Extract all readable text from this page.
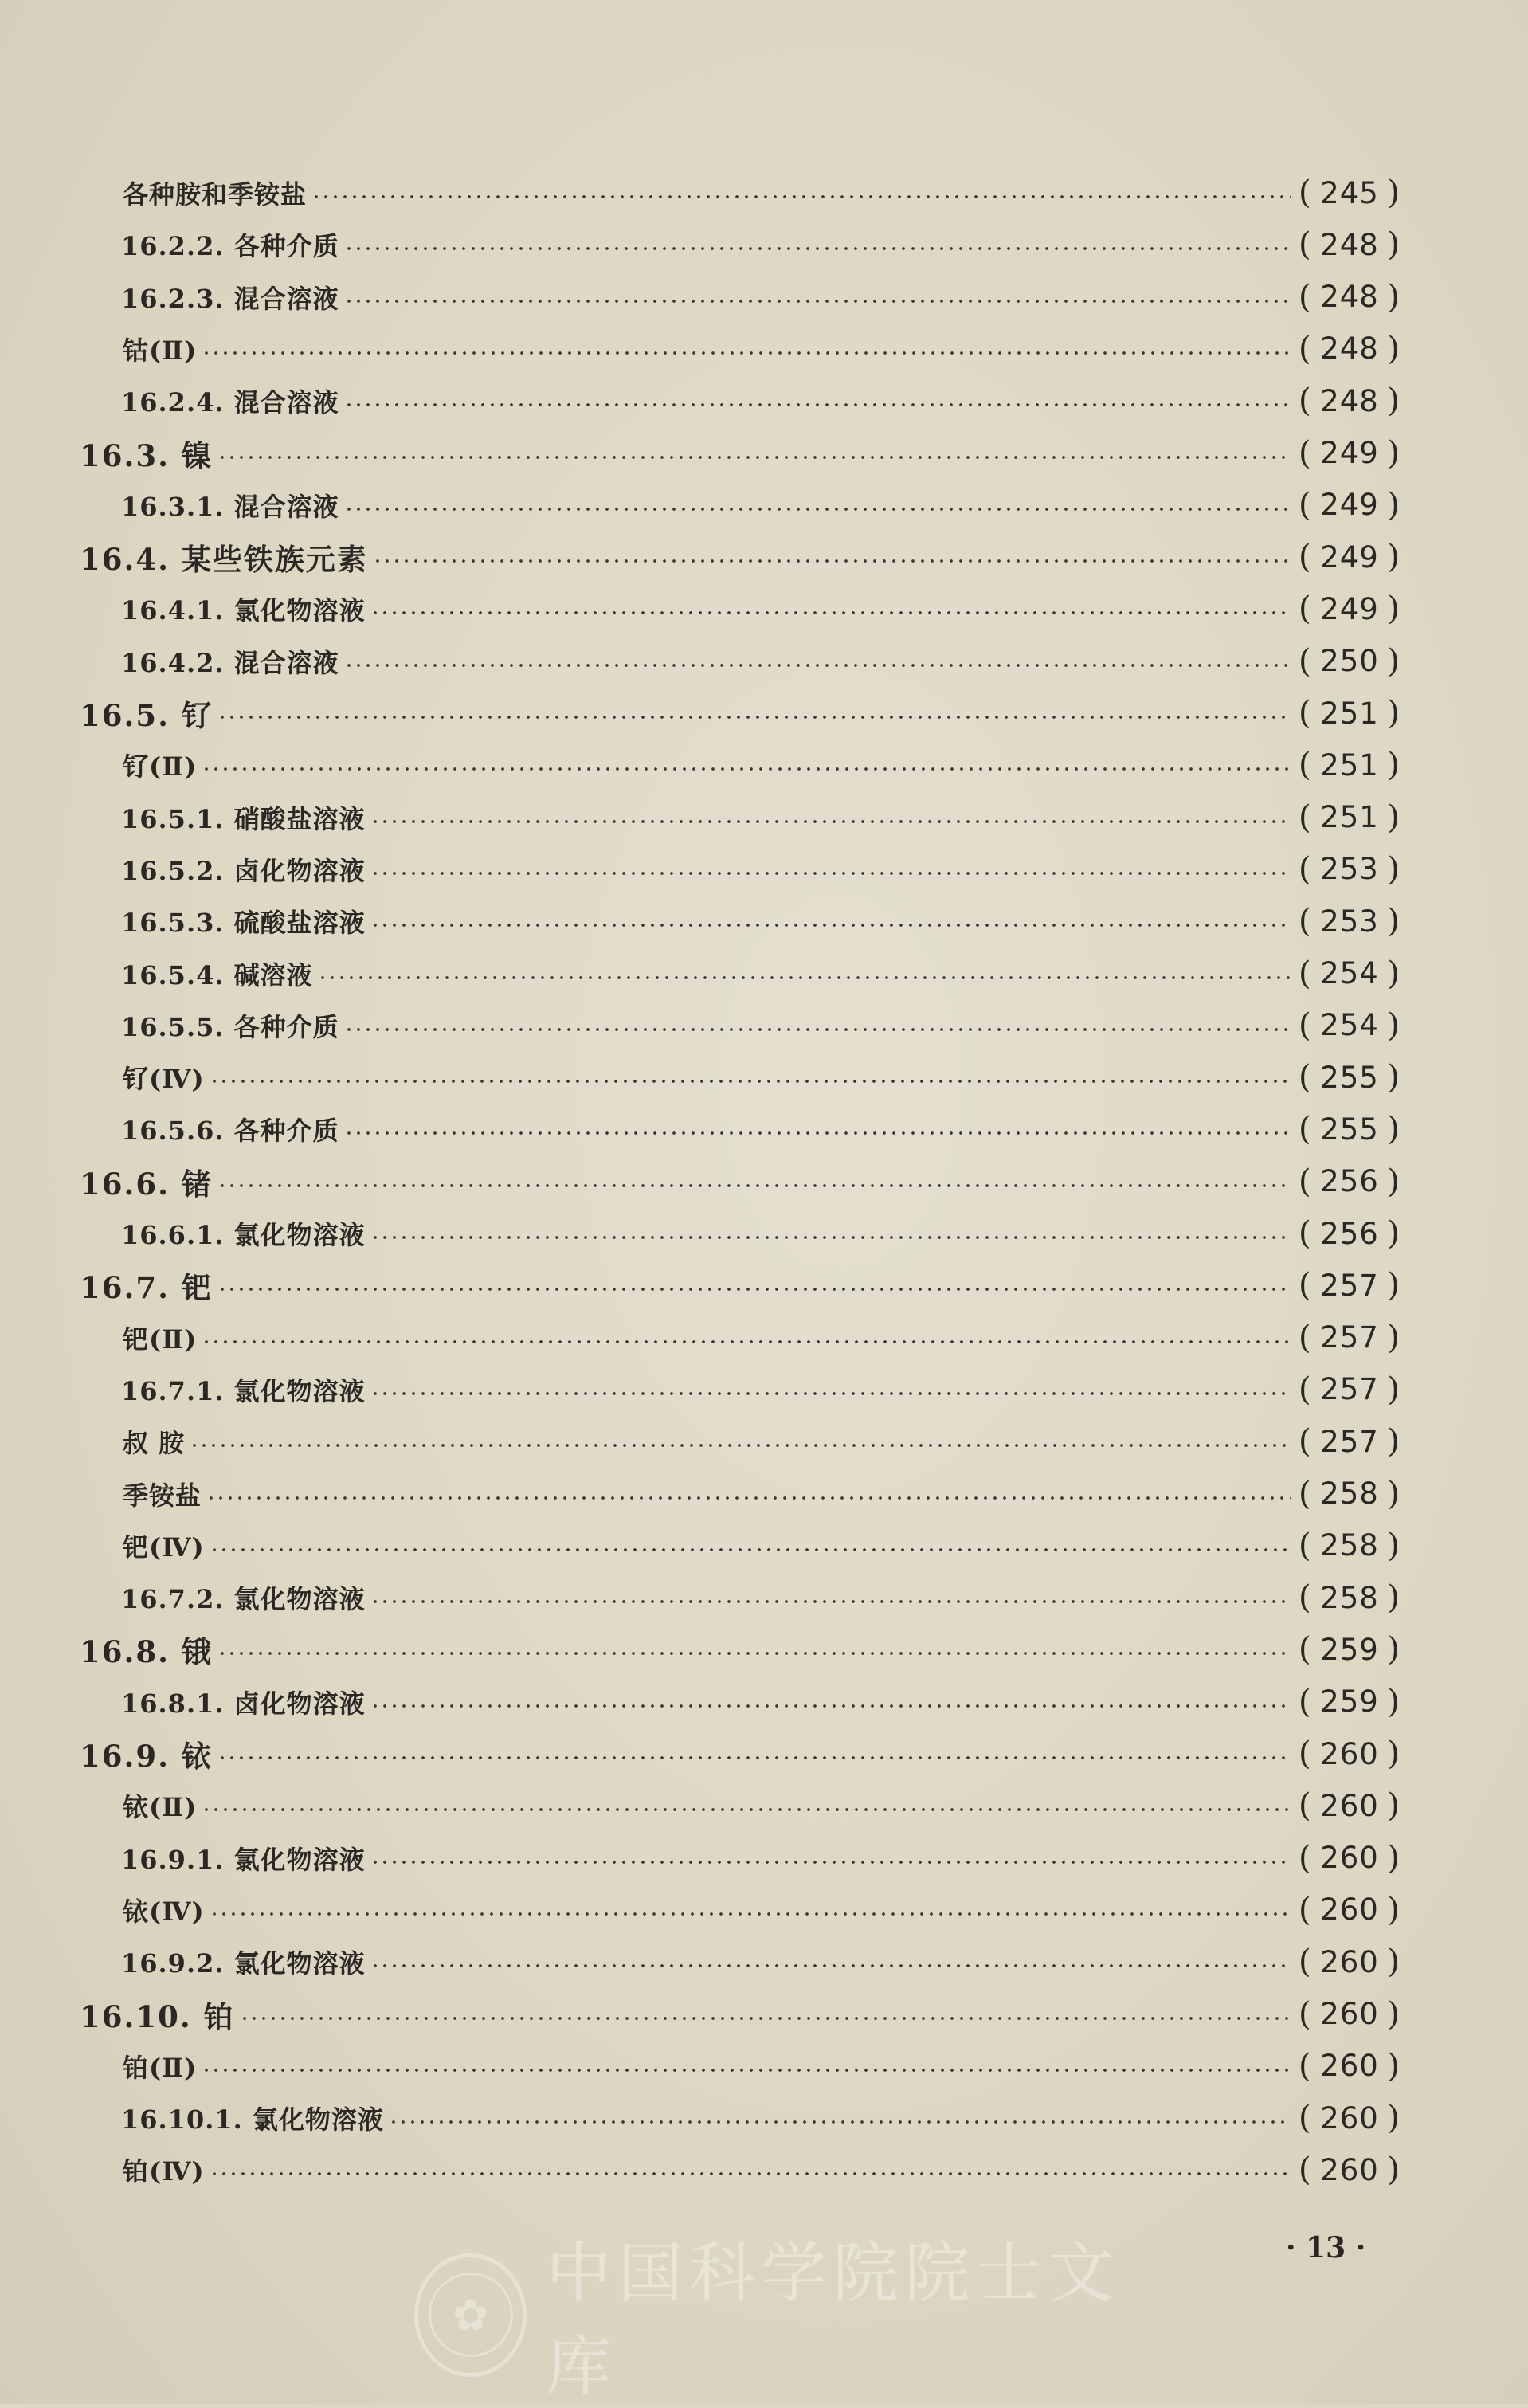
各种胺和季铵盐	( 245 )
16.2.2. 各种介质	( 248 )
16.2.3. 混合溶液	( 248 )
钴(Ⅱ)	( 248 )
16.2.4. 混合溶液	( 248 )
16.3. 镍	( 249 )
16.3.1. 混合溶液	( 249 )
16.4. 某些铁族元素	( 249 )
16.4.1. 氯化物溶液	( 249 )
16.4.2. 混合溶液	( 250 )
16.5. 钌	( 251 )
钌(Ⅱ)	( 251 )
16.5.1. 硝酸盐溶液	( 251 )
16.5.2. 卤化物溶液	( 253 )
16.5.3. 硫酸盐溶液	( 253 )
16.5.4. 碱溶液	( 254 )
16.5.5. 各种介质	( 254 )
钌(Ⅳ)	( 255 )
16.5.6. 各种介质	( 255 )
16.6. 锗	( 256 )
16.6.1. 氯化物溶液	( 256 )
16.7. 钯	( 257 )
钯(Ⅱ)	( 257 )
16.7.1. 氯化物溶液	( 257 )
叔 胺	( 257 )
季铵盐	( 258 )
钯(Ⅳ)	( 258 )
16.7.2. 氯化物溶液	( 258 )
16.8. 锇	( 259 )
16.8.1. 卤化物溶液	( 259 )
16.9. 铱	( 260 )
铱(Ⅱ)	( 260 )
16.9.1. 氯化物溶液	( 260 )
铱(Ⅳ)	( 260 )
16.9.2. 氯化物溶液	( 260 )
16.10. 铂	( 260 )
铂(Ⅱ)	( 260 )
16.10.1. 氯化物溶液	( 260 )
铂(Ⅳ)	( 260 )
· 13 ·
✿
中国科学院院士文库
